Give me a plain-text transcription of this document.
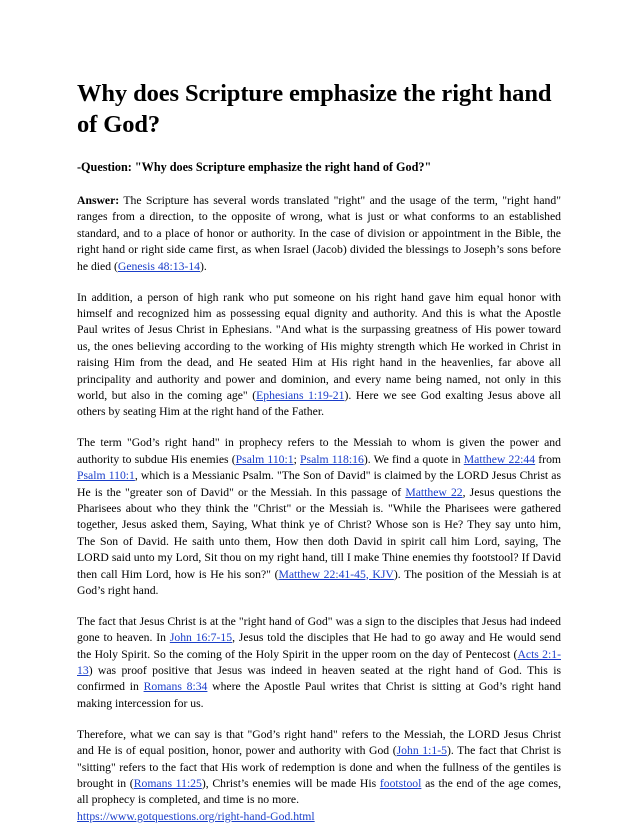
Why does Scripture emphasize the right hand of God?
-Question: "Why does Scripture emphasize the right hand of God?"

Answer: The Scripture has several words translated "right" and the usage of the term, "right hand" ranges from a direction, to the opposite of wrong, what is just or what conforms to an established standard, and to a place of honor or authority. In the case of division or appointment in the Bible, the right hand or right side came first, as when Israel (Jacob) divided the blessings to Joseph’s sons before he died (Genesis 48:13-14).

In addition, a person of high rank who put someone on his right hand gave him equal honor with himself and recognized him as possessing equal dignity and authority. And this is what the Apostle Paul writes of Jesus Christ in Ephesians. "And what is the surpassing greatness of His power toward us, the ones believing according to the working of His mighty strength which He worked in Christ in raising Him from the dead, and He seated Him at His right hand in the heavenlies, far above all principality and authority and power and dominion, and every name being named, not only in this world, but also in the coming age" (Ephesians 1:19-21). Here we see God exalting Jesus above all others by seating Him at the right hand of the Father.

The term "God’s right hand" in prophecy refers to the Messiah to whom is given the power and authority to subdue His enemies (Psalm 110:1; Psalm 118:16). We find a quote in Matthew 22:44 from Psalm 110:1, which is a Messianic Psalm. "The Son of David" is claimed by the LORD Jesus Christ as He is the "greater son of David" or the Messiah. In this passage of Matthew 22, Jesus questions the Pharisees about who they think the "Christ" or the Messiah is. "While the Pharisees were gathered together, Jesus asked them, Saying, What think ye of Christ? Whose son is He? They say unto him, The Son of David. He saith unto them, How then doth David in spirit call him Lord, saying, The LORD said unto my Lord, Sit thou on my right hand, till I make Thine enemies thy footstool? If David then call Him Lord, how is He his son?" (Matthew 22:41-45, KJV). The position of the Messiah is at God’s right hand.

The fact that Jesus Christ is at the "right hand of God" was a sign to the disciples that Jesus had indeed gone to heaven. In John 16:7-15, Jesus told the disciples that He had to go away and He would send the Holy Spirit. So the coming of the Holy Spirit in the upper room on the day of Pentecost (Acts 2:1-13) was proof positive that Jesus was indeed in heaven seated at the right hand of God. This is confirmed in Romans 8:34 where the Apostle Paul writes that Christ is sitting at God’s right hand making intercession for us.

Therefore, what we can say is that "God’s right hand" refers to the Messiah, the LORD Jesus Christ and He is of equal position, honor, power and authority with God (John 1:1-5). The fact that Christ is "sitting" refers to the fact that His work of redemption is done and when the fullness of the gentiles is brought in (Romans 11:25), Christ’s enemies will be made His footstool as the end of the age comes, all prophecy is completed, and time is no more.
https://www.gotquestions.org/right-hand-God.html
